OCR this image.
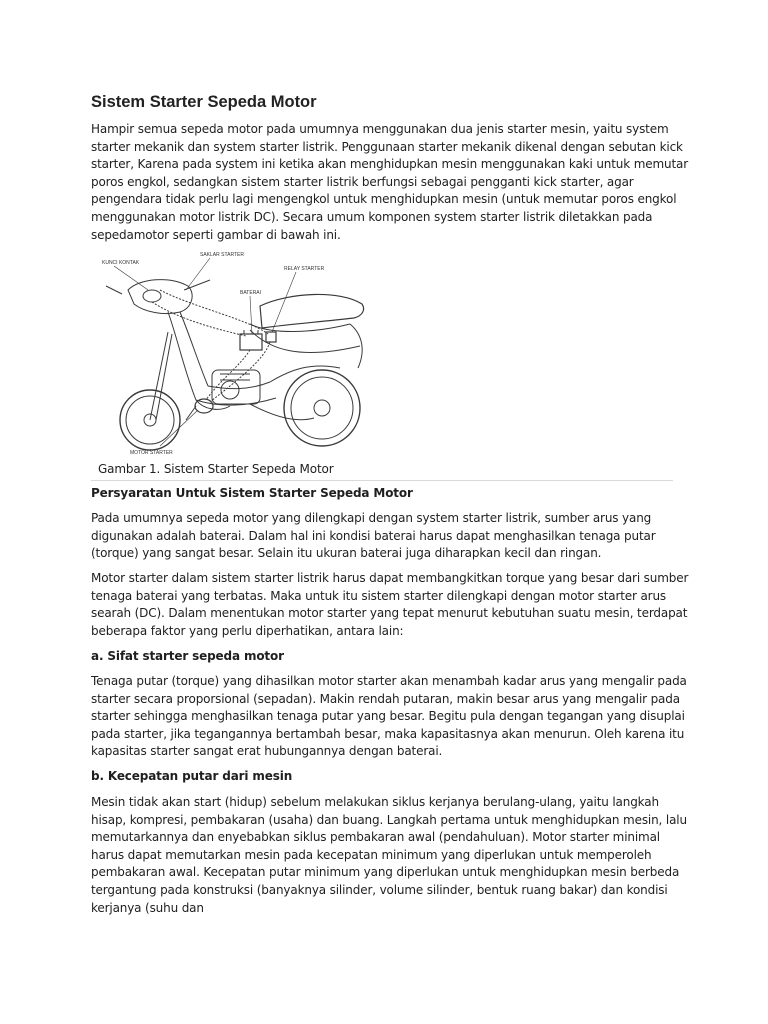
Sistem Starter Sepeda Motor

Hampir semua sepeda motor pada umumnya menggunakan dua jenis starter mesin, yaitu system starter mekanik dan system starter listrik. Penggunaan starter mekanik dikenal dengan sebutan kick starter, Karena pada system ini ketika akan menghidupkan mesin menggunakan kaki untuk memutar poros engkol, sedangkan sistem starter listrik berfungsi sebagai pengganti kick starter, agar pengendara tidak perlu lagi mengengkol untuk menghidupkan mesin (untuk memutar poros engkol menggunakan motor listrik DC). Secara umum komponen system starter listrik diletakkan pada sepedamotor seperti gambar di bawah ini.

KUNCI KONTAK
SAKLAR STARTER
RELAY STARTER
BATERAI
MOTOR STARTER

Gambar 1. Sistem Starter Sepeda Motor

Persyaratan Untuk Sistem Starter Sepeda Motor

Pada umumnya sepeda motor yang dilengkapi dengan system starter listrik, sumber arus yang digunakan adalah baterai. Dalam hal ini kondisi baterai harus dapat menghasilkan tenaga putar (torque) yang sangat besar. Selain itu ukuran baterai juga diharapkan kecil dan ringan.

Motor starter dalam sistem starter listrik harus dapat membangkitkan torque yang besar dari sumber tenaga baterai yang terbatas. Maka untuk itu sistem starter dilengkapi dengan motor starter arus searah (DC). Dalam menentukan motor starter yang tepat menurut kebutuhan suatu mesin, terdapat beberapa faktor yang perlu diperhatikan, antara lain:

a. Sifat starter sepeda motor

Tenaga putar (torque) yang dihasilkan motor starter akan menambah kadar arus yang mengalir pada starter secara proporsional (sepadan). Makin rendah putaran, makin besar arus yang mengalir pada starter sehingga menghasilkan tenaga putar yang besar. Begitu pula dengan tegangan yang disuplai pada starter, jika tegangannya bertambah besar, maka kapasitasnya akan menurun. Oleh karena itu kapasitas starter sangat erat hubungannya dengan baterai.

b. Kecepatan putar dari mesin

Mesin tidak akan start (hidup) sebelum melakukan siklus kerjanya berulang-ulang, yaitu langkah hisap, kompresi, pembakaran (usaha) dan buang. Langkah pertama untuk menghidupkan mesin, lalu memutarkannya dan enyebabkan siklus pembakaran awal (pendahuluan). Motor starter minimal harus dapat memutarkan mesin pada kecepatan minimum yang diperlukan untuk memperoleh pembakaran awal. Kecepatan putar minimum yang diperlukan untuk menghidupkan mesin berbeda tergantung pada konstruksi (banyaknya silinder, volume silinder, bentuk ruang bakar) dan kondisi kerjanya (suhu dan
